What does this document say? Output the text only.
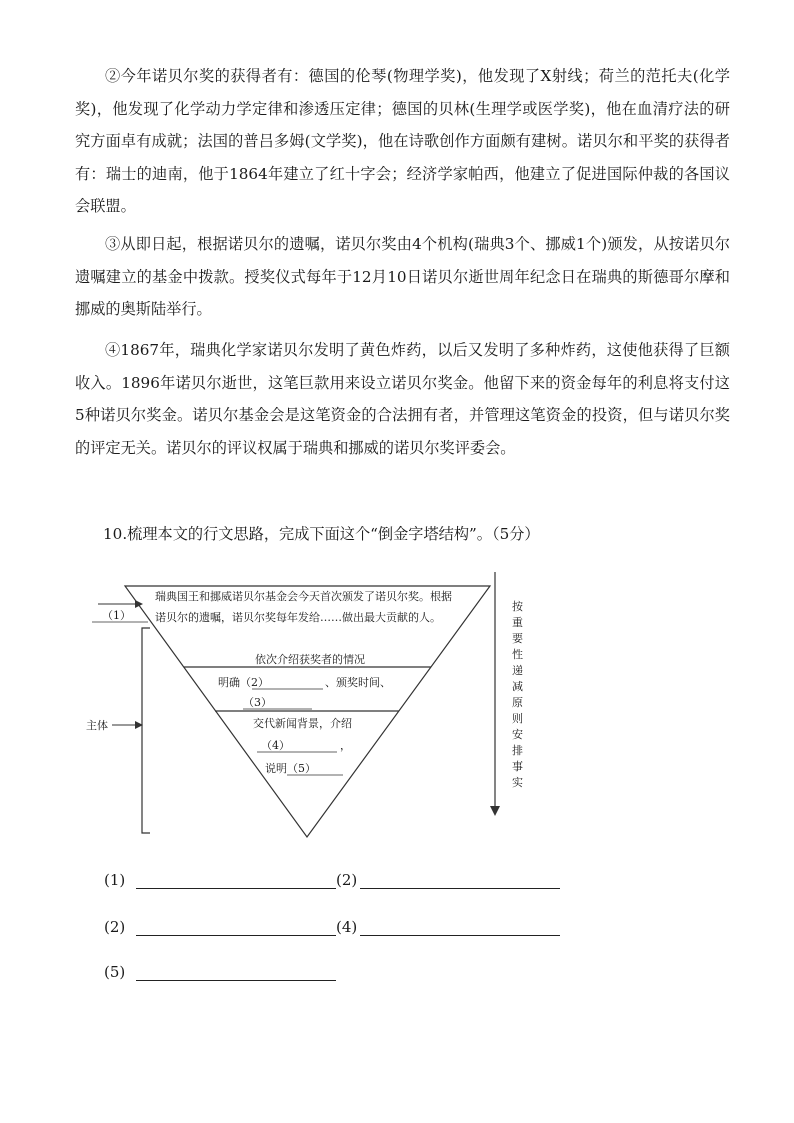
②今年诺贝尔奖的获得者有：德国的伦琴(物理学奖)，他发现了X射线；荷兰的范托夫(化学奖)，他发现了化学动力学定律和渗透压定律；德国的贝林(生理学或医学奖)，他在血清疗法的研究方面卓有成就；法国的普吕多姆(文学奖)，他在诗歌创作方面颇有建树。诺贝尔和平奖的获得者有：瑞士的迪南，他于1864年建立了红十字会；经济学家帕西，他建立了促进国际仲裁的各国议会联盟。

③从即日起，根据诺贝尔的遗嘱，诺贝尔奖由4个机构(瑞典3个、挪威1个)颁发，从按诺贝尔遗嘱建立的基金中拨款。授奖仪式每年于12月10日诺贝尔逝世周年纪念日在瑞典的斯德哥尔摩和挪威的奥斯陆举行。

④1867年，瑞典化学家诺贝尔发明了黄色炸药，以后又发明了多种炸药，这使他获得了巨额收入。1896年诺贝尔逝世，这笔巨款用来设立诺贝尔奖金。他留下来的资金每年的利息将支付这5种诺贝尔奖金。诺贝尔基金会是这笔资金的合法拥有者，并管理这笔资金的投资，但与诺贝尔奖的评定无关。诺贝尔的评议权属于瑞典和挪威的诺贝尔奖评委会。

10.梳理本文的行文思路，完成下面这个“倒金字塔结构”。（5分）

瑞典国王和挪威诺贝尔基金会今天首次颁发了诺贝尔奖。根据
诺贝尔的遗嘱，诺贝尔奖每年发给……做出最大贡献的人。
（1）
主体
依次介绍获奖者的情况
明确（2）	、颁奖时间、
（3）
交代新闻背景，介绍
（4）	，
说明（5）
按重要性递减原则安排事实
(1)	(2)
(2)	(4)
(5)
